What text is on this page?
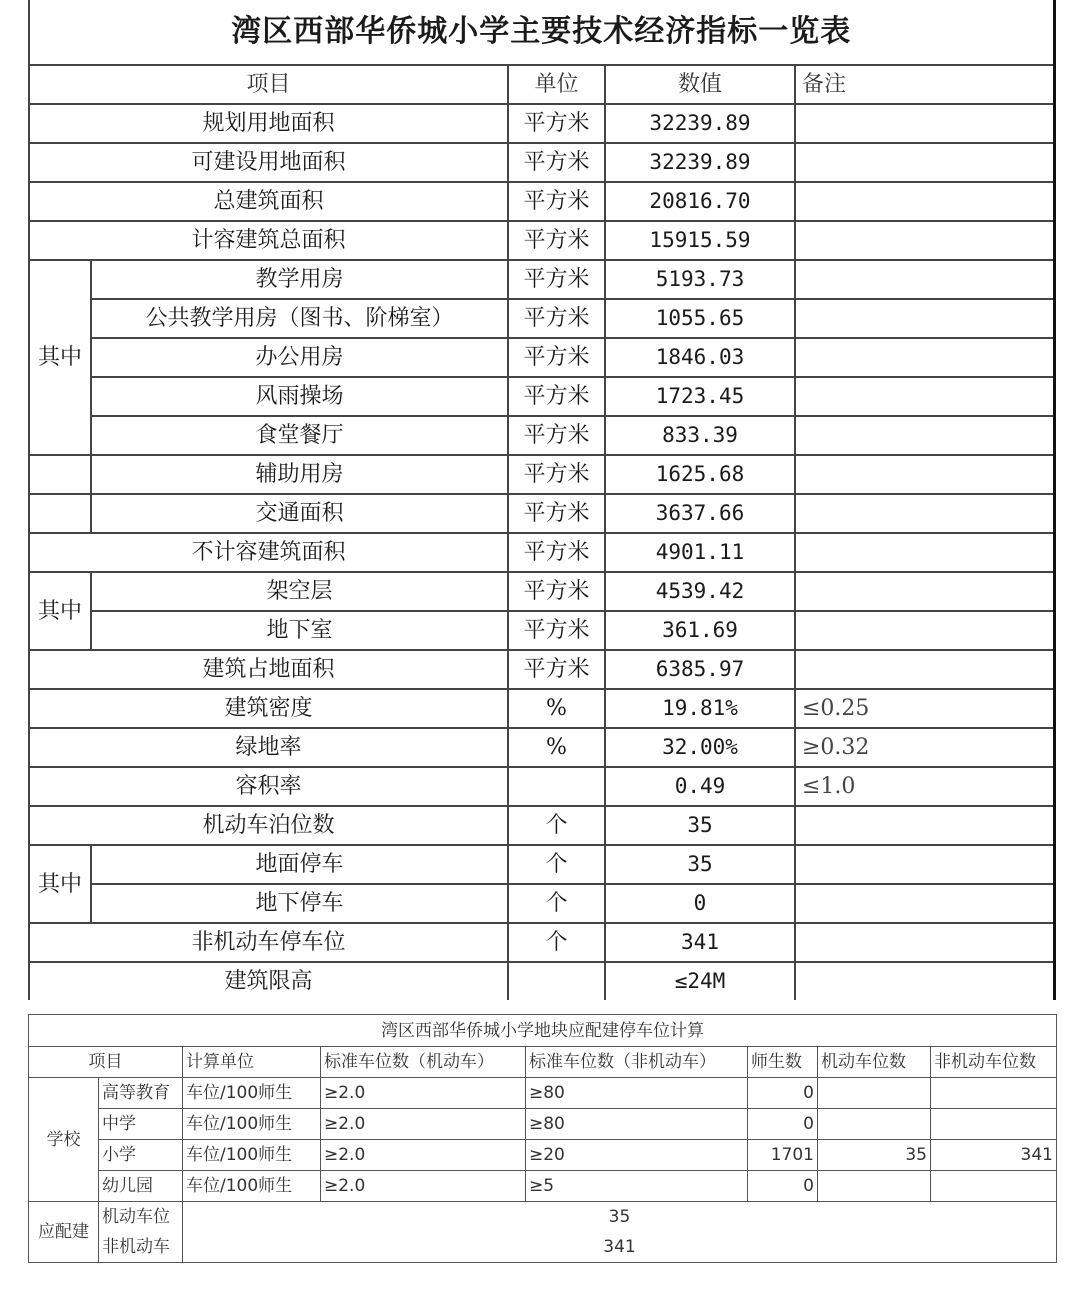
湾区西部华侨城小学主要技术经济指标一览表				
项目		单位	数值	备注
规划用地面积		平方米	32239.89	
可建设用地面积		平方米	32239.89	
总建筑面积		平方米	20816.70	
计容建筑总面积		平方米	15915.59	
其中	教学用房	平方米	5193.73	
	公共教学用房（图书、阶梯室）	平方米	1055.65	
	办公用房	平方米	1846.03	
	风雨操场	平方米	1723.45	
	食堂餐厅	平方米	833.39	
	辅助用房	平方米	1625.68	
	交通面积	平方米	3637.66	
不计容建筑面积		平方米	4901.11	
其中	架空层	平方米	4539.42	
	地下室	平方米	361.69	
建筑占地面积		平方米	6385.97	
建筑密度		%	19.81%	≤0.25
绿地率		%	32.00%	≥0.32
容积率			0.49	≤1.0
机动车泊位数		个	35	
其中	地面停车	个	35	
	地下停车	个	0	
非机动车停车位		个	341	
建筑限高			≤24M	
湾区西部华侨城小学地块应配建停车位计算							
项目		计算单位	标准车位数（机动车）	标准车位数（非机动车）	师生数	机动车位数	非机动车位数
学校	高等教育	车位/100师生	≥2.0	≥80	0		
	中学	车位/100师生	≥2.0	≥80	0		
	小学	车位/100师生	≥2.0	≥20	1701	35	341
	幼儿园	车位/100师生	≥2.0	≥5	0		
应配建	机动车位	35					
	非机动车	341					
